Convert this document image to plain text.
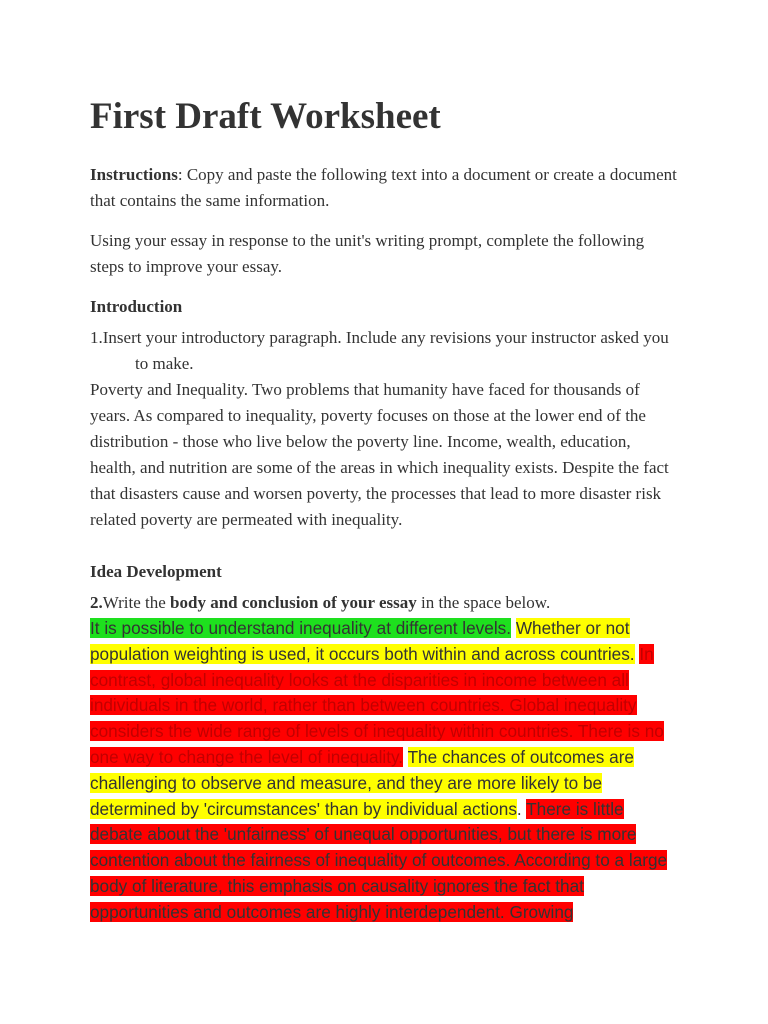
First Draft Worksheet

Instructions: Copy and paste the following text into a document or create a document that contains the same information.

Using your essay in response to the unit's writing prompt, complete the following steps to improve your essay.

Introduction

1.Insert your introductory paragraph. Include any revisions your instructor asked you to make.

Poverty and Inequality. Two problems that humanity have faced for thousands of years. As compared to inequality, poverty focuses on those at the lower end of the distribution - those who live below the poverty line. Income, wealth, education, health, and nutrition are some of the areas in which inequality exists. Despite the fact that disasters cause and worsen poverty, the processes that lead to more disaster risk related poverty are permeated with inequality.

Idea Development

2.Write the body and conclusion of your essay in the space below.

It is possible to understand inequality at different levels. Whether or not population weighting is used, it occurs both within and across countries. In contrast, global inequality looks at the disparities in income between all individuals in the world, rather than between countries. Global inequality considers the wide range of levels of inequality within countries. There is no one way to change the level of inequality. The chances of outcomes are challenging to observe and measure, and they are more likely to be determined by 'circumstances' than by individual actions. There is little debate about the 'unfairness' of unequal opportunities, but there is more contention about the fairness of inequality of outcomes. According to a large body of literature, this emphasis on causality ignores the fact that opportunities and outcomes are highly interdependent. Growing
